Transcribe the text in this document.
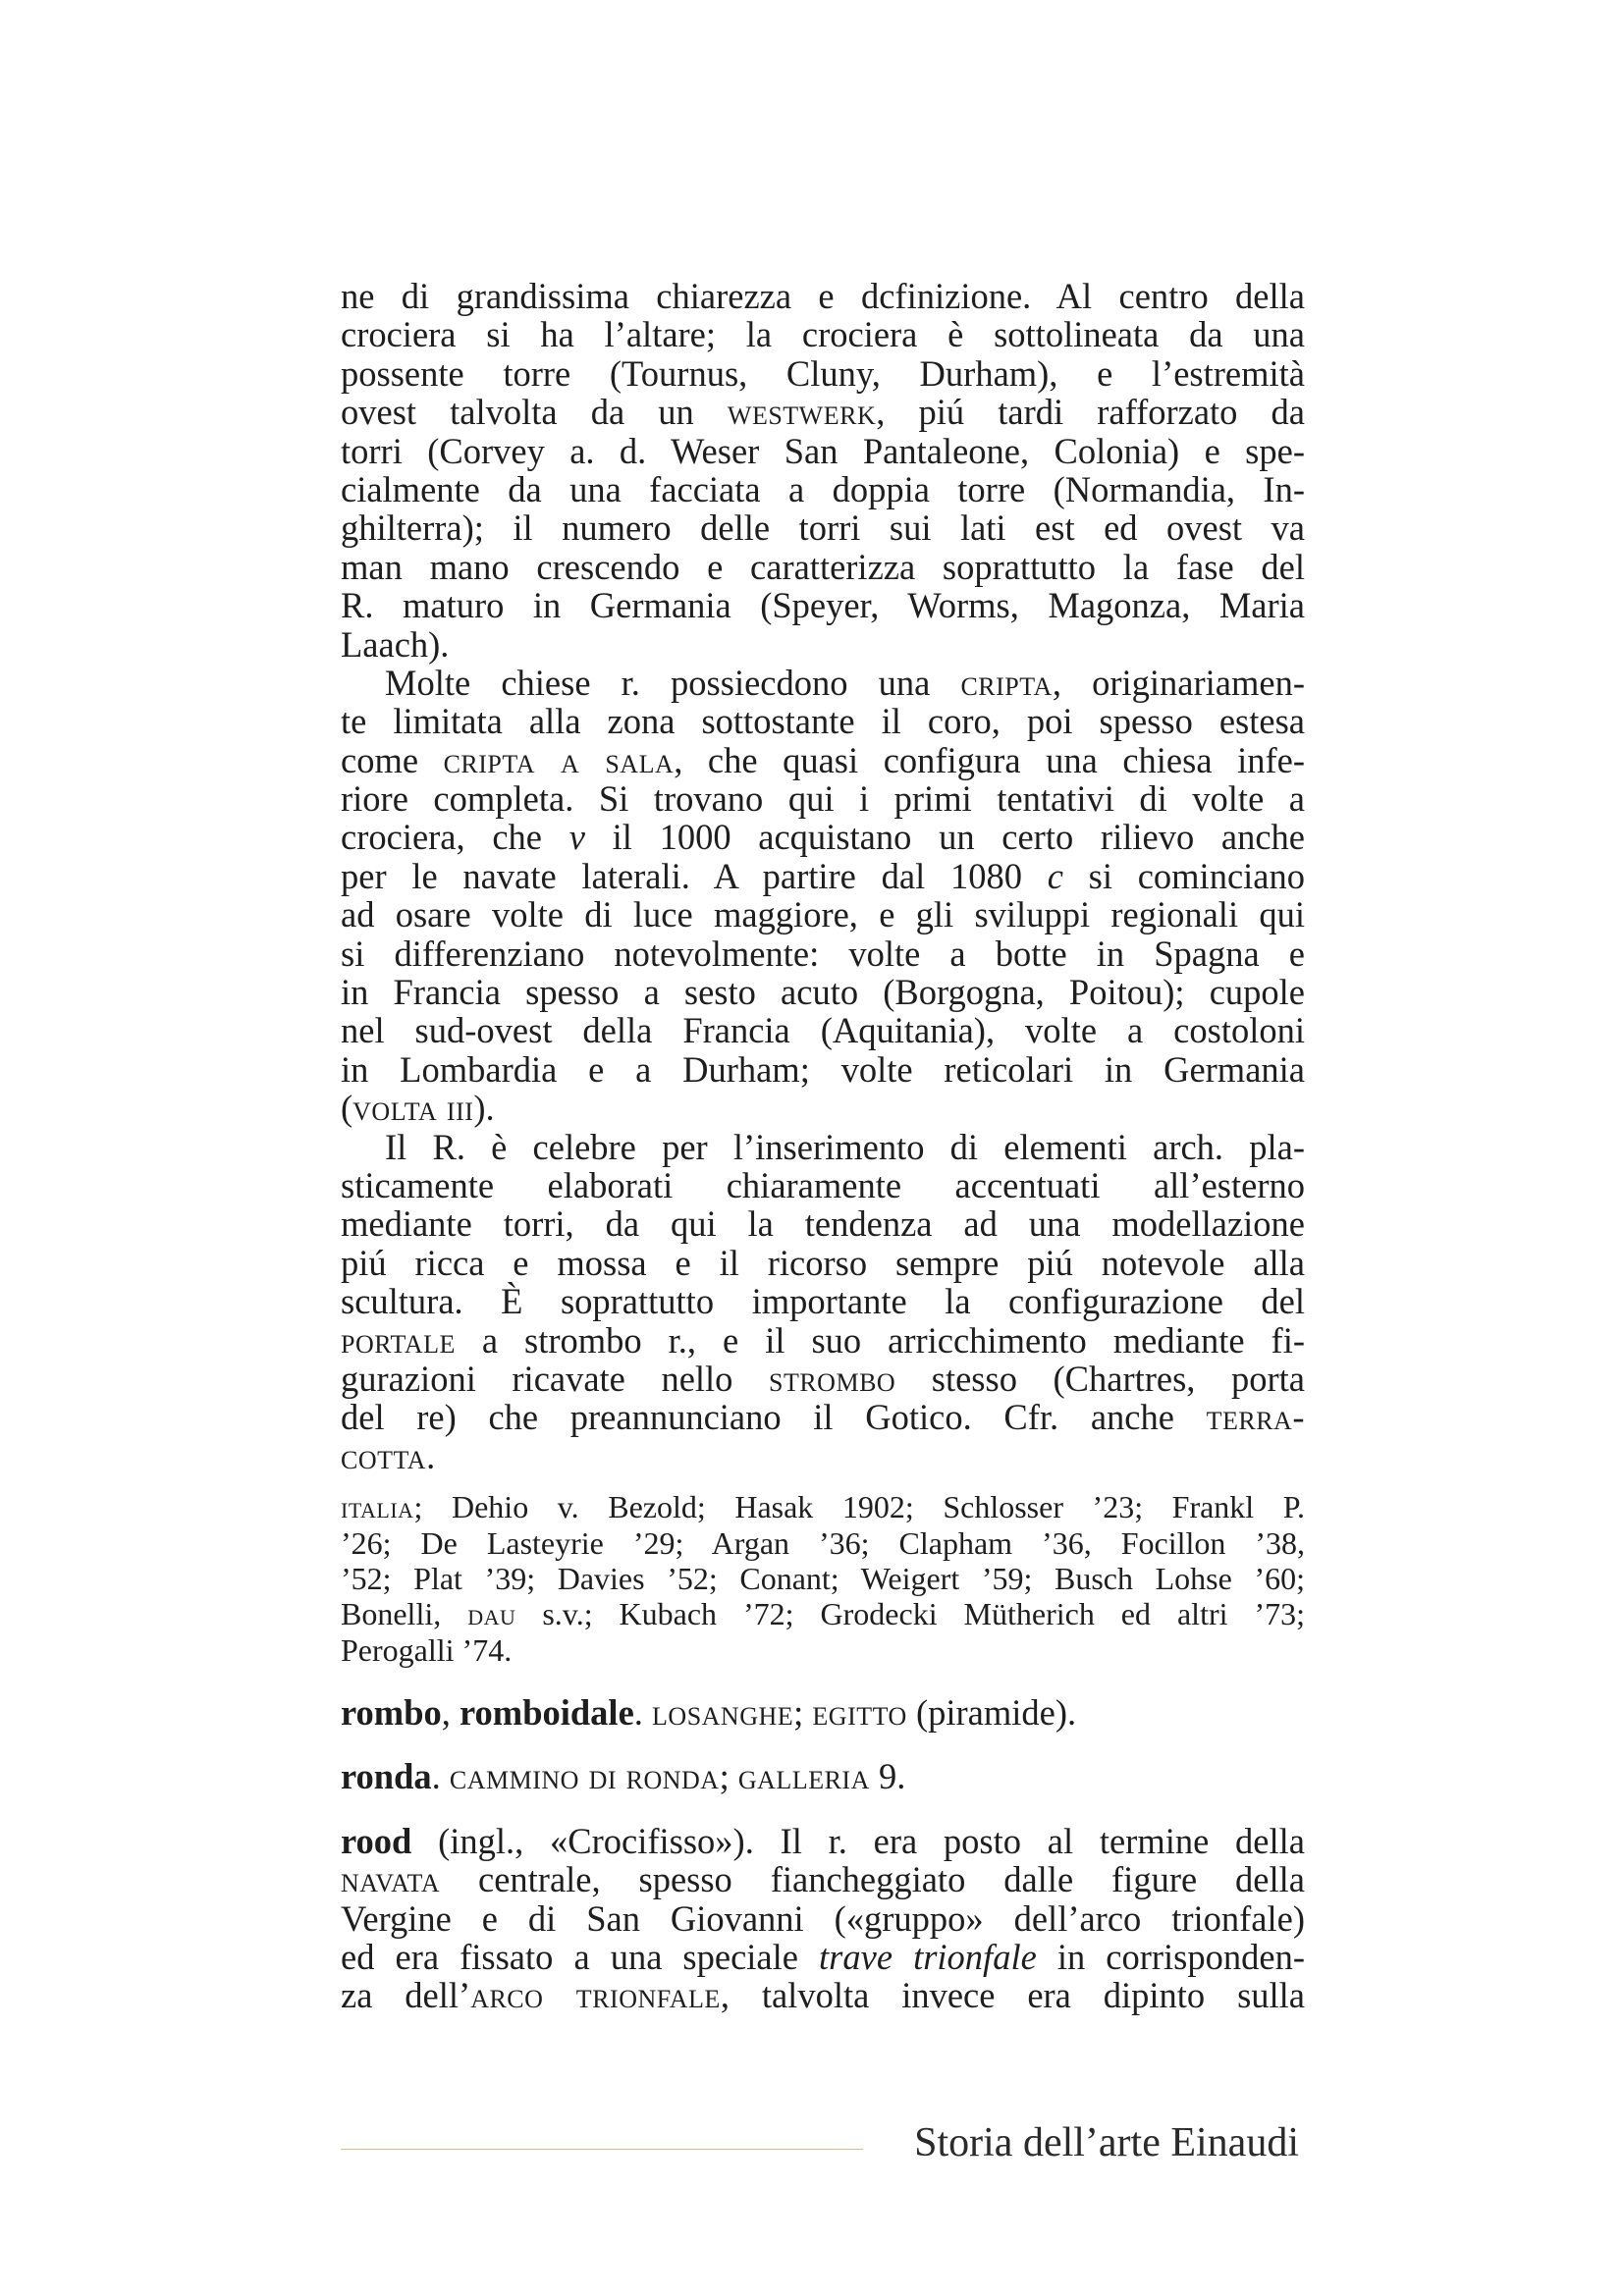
ne di grandissima chiarezza e dcfinizione. Al centro della
crociera si ha l’altare; la crociera è sottolineata da una
possente torre (Tournus, Cluny, Durham), e l’estremità
ovest talvolta da un westwerk, piú tardi rafforzato da
torri (Corvey a. d. Weser San Pantaleone, Colonia) e spe-
cialmente da una facciata a doppia torre (Normandia, In-
ghilterra); il numero delle torri sui lati est ed ovest va
man mano crescendo e caratterizza soprattutto la fase del
R. maturo in Germania (Speyer, Worms, Magonza, Maria
Laach).
Molte chiese r. possiecdono una cripta, originariamen-
te limitata alla zona sottostante il coro, poi spesso estesa
come cripta a sala, che quasi configura una chiesa infe-
riore completa. Si trovano qui i primi tentativi di volte a
crociera, che v il 1000 acquistano un certo rilievo anche
per le navate laterali. A partire dal 1080 c si cominciano
ad osare volte di luce maggiore, e gli sviluppi regionali qui
si differenziano notevolmente: volte a botte in Spagna e
in Francia spesso a sesto acuto (Borgogna, Poitou); cupole
nel sud-ovest della Francia (Aquitania), volte a costoloni
in Lombardia e a Durham; volte reticolari in Germania
(volta iii).
Il R. è celebre per l’inserimento di elementi arch. pla-
sticamente elaborati chiaramente accentuati all’esterno
mediante torri, da qui la tendenza ad una modellazione
piú ricca e mossa e il ricorso sempre piú notevole alla
scultura. È soprattutto importante la configurazione del
portale a strombo r., e il suo arricchimento mediante fi-
gurazioni ricavate nello strombo stesso (Chartres, porta
del re) che preannunciano il Gotico. Cfr. anche terra-
cotta.
italia; Dehio v. Bezold; Hasak 1902; Schlosser ’23; Frankl P.
’26; De Lasteyrie ’29; Argan ’36; Clapham ’36, Focillon ’38,
’52; Plat ’39; Davies ’52; Conant; Weigert ’59; Busch Lohse ’60;
Bonelli, dau s.v.; Kubach ’72; Grodecki Mütherich ed altri ’73;
Perogalli ’74.
rombo, romboidale. losanghe; egitto (piramide).
ronda. cammino di ronda; galleria 9.
rood (ingl., «Crocifisso»). Il r. era posto al termine della
navata centrale, spesso fiancheggiato dalle figure della
Vergine e di San Giovanni («gruppo» dell’arco trionfale)
ed era fissato a una speciale trave trionfale in corrisponden-
za dell’arco trionfale, talvolta invece era dipinto sulla
Storia dell’arte Einaudi
